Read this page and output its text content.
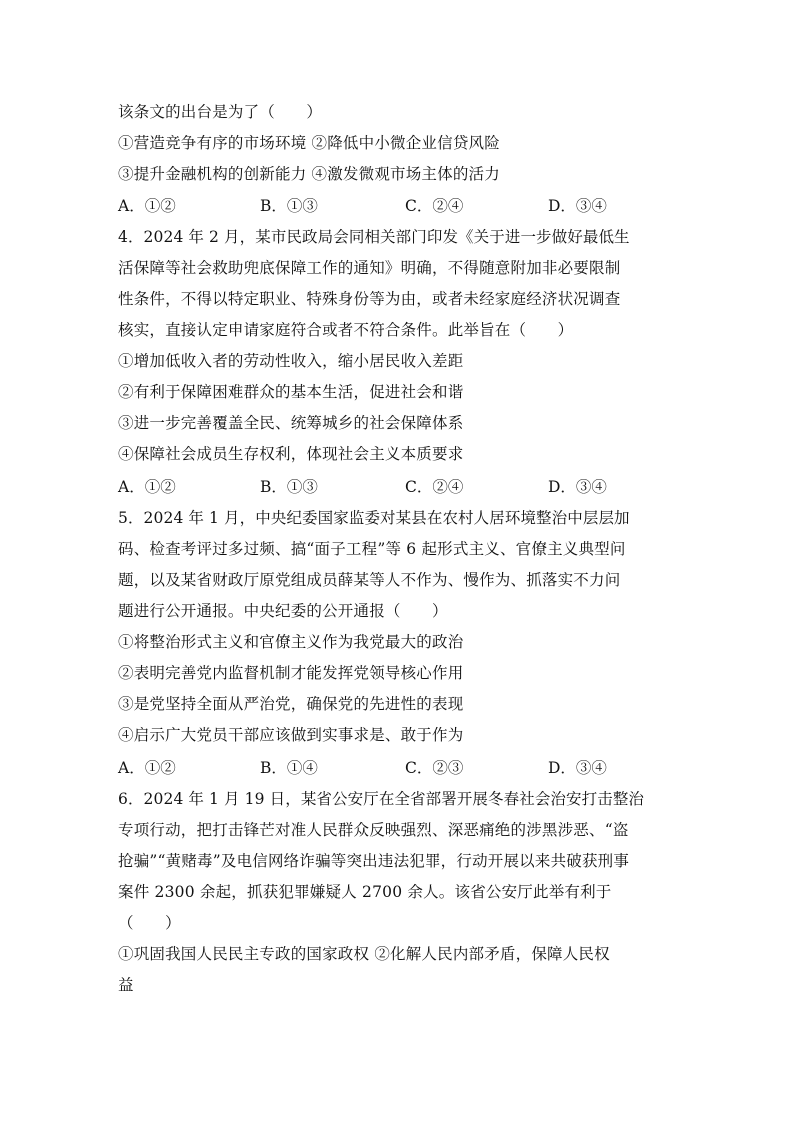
该条文的出台是为了（　　）
①营造竞争有序的市场环境 ②降低中小微企业信贷风险
③提升金融机构的创新能力 ④激发微观市场主体的活力
A．①②	B．①③	C．②④	D．③④
4．2024 年 2 月，某市民政局会同相关部门印发《关于进一步做好最低生
活保障等社会救助兜底保障工作的通知》明确，不得随意附加非必要限制
性条件，不得以特定职业、特殊身份等为由，或者未经家庭经济状况调查
核实，直接认定申请家庭符合或者不符合条件。此举旨在（　　）
①增加低收入者的劳动性收入，缩小居民收入差距
②有利于保障困难群众的基本生活，促进社会和谐
③进一步完善覆盖全民、统筹城乡的社会保障体系
④保障社会成员生存权利，体现社会主义本质要求
A．①②	B．①③	C．②④	D．③④
5．2024 年 1 月，中央纪委国家监委对某县在农村人居环境整治中层层加
码、检查考评过多过频、搞“面子工程”等 6 起形式主义、官僚主义典型问
题，以及某省财政厅原党组成员薛某等人不作为、慢作为、抓落实不力问
题进行公开通报。中央纪委的公开通报（　　）
①将整治形式主义和官僚主义作为我党最大的政治
②表明完善党内监督机制才能发挥党领导核心作用
③是党坚持全面从严治党，确保党的先进性的表现
④启示广大党员干部应该做到实事求是、敢于作为
A．①②	B．①④	C．②③	D．③④
6．2024 年 1 月 19 日，某省公安厅在全省部署开展冬春社会治安打击整治
专项行动，把打击锋芒对准人民群众反映强烈、深恶痛绝的涉黑涉恶、“盗
抢骗”“黄赌毒”及电信网络诈骗等突出违法犯罪，行动开展以来共破获刑事
案件 2300 余起，抓获犯罪嫌疑人 2700 余人。该省公安厅此举有利于
（　　）
①巩固我国人民民主专政的国家政权 ②化解人民内部矛盾，保障人民权
益
